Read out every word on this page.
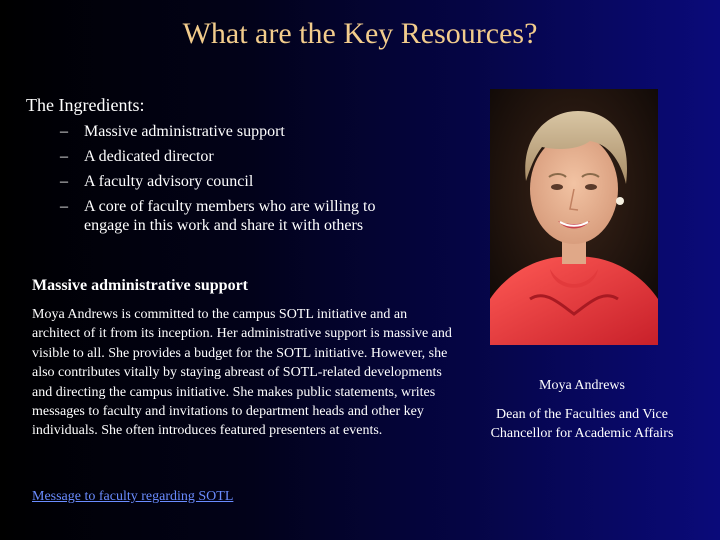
What are the Key Resources?

The Ingredients:

– Massive administrative support
– A dedicated director
– A faculty advisory council
– A core of faculty members who are willing to engage in this work and share it with others

Massive administrative support

Moya Andrews is committed to the campus SOTL initiative and an architect of it from its inception. Her administrative support is massive and visible to all. She provides a budget for the SOTL initiative. However, she also contributes vitally by staying abreast of SOTL-related developments and directing the campus initiative. She makes public statements, writes messages to faculty and invitations to department heads and other key individuals. She often introduces featured presenters at events.

Message to faculty regarding SOTL

Moya Andrews

Dean of the Faculties and Vice Chancellor for Academic Affairs
